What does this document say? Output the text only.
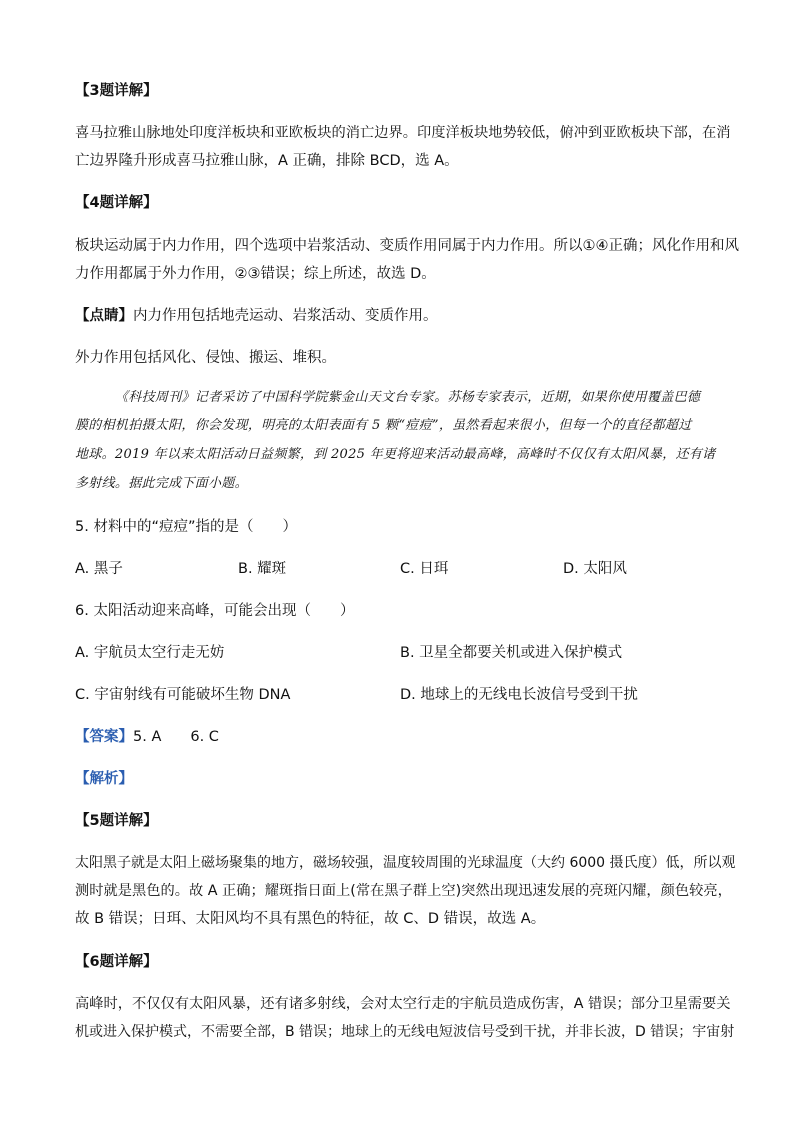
【3题详解】
喜马拉雅山脉地处印度洋板块和亚欧板块的消亡边界。印度洋板块地势较低，俯冲到亚欧板块下部，在消
亡边界隆升形成喜马拉雅山脉，A 正确，排除 BCD，选 A。
【4题详解】
板块运动属于内力作用，四个选项中岩浆活动、变质作用同属于内力作用。所以①④正确；风化作用和风
力作用都属于外力作用，②③错误；综上所述，故选 D。
【点睛】内力作用包括地壳运动、岩浆活动、变质作用。
外力作用包括风化、侵蚀、搬运、堆积。
《科技周刊》记者采访了中国科学院紫金山天文台专家。苏杨专家表示，近期，如果你使用覆盖巴德
膜的相机拍摄太阳，你会发现，明亮的太阳表面有 5 颗“痘痘”，虽然看起来很小，但每一个的直径都超过
地球。2019 年以来太阳活动日益频繁，到 2025 年更将迎来活动最高峰，高峰时不仅仅有太阳风暴，还有诸
多射线。据此完成下面小题。
5. 材料中的“痘痘”指的是（　　）
A. 黑子	B. 耀斑	C. 日珥	D. 太阳风
6. 太阳活动迎来高峰，可能会出现（　　）
A. 宇航员太空行走无妨	B. 卫星全都要关机或进入保护模式
C. 宇宙射线有可能破坏生物 DNA	D. 地球上的无线电长波信号受到干扰
【答案】5. A　　6. C
【解析】
【5题详解】
太阳黑子就是太阳上磁场聚集的地方，磁场较强，温度较周围的光球温度（大约 6000 摄氏度）低，所以观
测时就是黑色的。故 A 正确；耀斑指日面上(常在黑子群上空)突然出现迅速发展的亮斑闪耀，颜色较亮，
故 B 错误；日珥、太阳风均不具有黑色的特征，故 C、D 错误，故选 A。
【6题详解】
高峰时，不仅仅有太阳风暴，还有诸多射线，会对太空行走的宇航员造成伤害，A 错误；部分卫星需要关
机或进入保护模式，不需要全部，B 错误；地球上的无线电短波信号受到干扰，并非长波，D 错误；宇宙射
